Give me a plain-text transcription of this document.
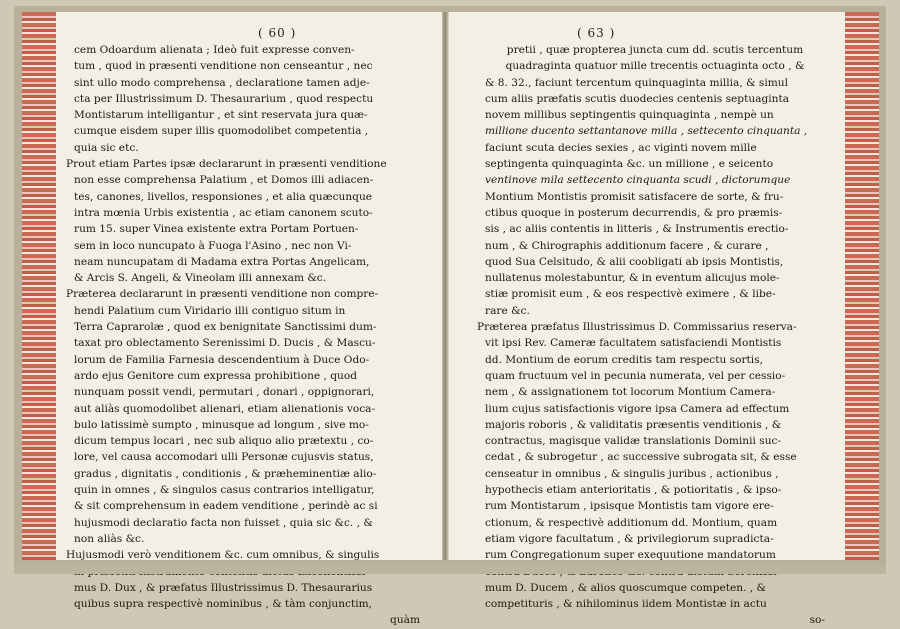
( 60 )
cem Odoardum alienata ; Ideò fuit expresse conven-
tum , quod in præsenti venditione non censeantur , nec
sint ullo modo comprehensa , declaratione tamen adje-
cta per Illustrissimum D. Thesaurarium , quod respectu
Montistarum intelligantur , et sint reservata jura quæ-
cumque eisdem super illis quomodolibet competentia ,
quia sic etc.
Prout etiam Partes ipsæ declararunt in præsenti venditione
non esse comprehensa Palatium , et Domos illi adiacen-
tes, canones, livellos, responsiones , et alia quæcunque
intra mœnia Urbis existentia , ac etiam canonem scuto-
rum 15. super Vinea existente extra Portam Portuen-
sem in loco nuncupato à Fuoga l'Asino , nec non Vi-
neam nuncupatam di Madama extra Portas Angelicam,
& Arcis S. Angeli, & Vineolam illi annexam &c.
Præterea declararunt in præsenti venditione non compre-
hendi Palatium cum Viridario illi contiguo situm in
Terra Caprarolæ , quod ex benignitate Sanctissimi dum-
taxat pro oblectamento Serenissimi D. Ducis , & Mascu-
lorum de Familia Farnesia descendentium à Duce Odo-
ardo ejus Genitore cum expressa prohibitione , quod
nunquam possit vendi, permutari , donari , oppignorari,
aut aliàs quomodolibet alienari, etiam alienationis voca-
bulo latissimè sumpto , minusque ad longum , sive mo-
dicum tempus locari , nec sub aliquo alio prætextu , co-
lore, vel causa accomodari ulli Personæ cujusvis status,
gradus , dignitatis , conditionis , & præheminentiæ alio-
quin in omnes , & singulos casus contrarios intelligatur,
& sit comprehensum in eadem venditione , perindè ac si
hujusmodi declaratio facta non fuisset , quia sic &c. , &
non aliàs &c.
Hujusmodi verò venditionem &c. cum omnibus, & singulis
mus D. Dux , & præfatus Illustrissimus D. Thesaurarius
quibus supra respectivè nominibus , & tàm conjunctim,
quàm
( 63 )
pretii , quæ propterea juncta cum dd. scutis tercentum
quadraginta quatuor mille trecentis octuaginta octo , &
& 8. 32., faciunt tercentum quinquaginta millia, & simul
cum aliis præfatis scutis duodecies centenis septuaginta
novem millibus septingentis quinquaginta , nempè un
millione ducento settantanove milla , settecento cinquanta ,
faciunt scuta decies sexies , ac viginti novem mille
septingenta quinquaginta &c. un millione , e seicento
ventinove mila settecento cinquanta scudi , dictorumque
Montium Montistis promisit satisfacere de sorte, & fru-
ctibus quoque in posterum decurrendis, & pro præmis-
sis , ac aliis contentis in litteris , & Instrumentis erectio-
num , & Chirographis additionum facere , & curare ,
quod Sua Celsitudo, & alii coobligati ab ipsis Montistis,
nullatenus molestabuntur, & in eventum alicujus mole-
stiæ promisit eum , & eos respectivè eximere , & libe-
rare &c.
Præterea præfatus Illustrissimus D. Commissarius reserva-
vit ipsi Rev. Cameræ facultatem satisfaciendi Montistis
dd. Montium de eorum creditis tam respectu sortis,
quam fructuum vel in pecunia numerata, vel per cessio-
nem , & assignationem tot locorum Montium Camera-
lium cujus satisfactionis vigore ipsa Camera ad effectum
majoris roboris , & validitatis præsentis venditionis , &
contractus, magisque validæ translationis Dominii suc-
cedat , & subrogetur , ac successive subrogata sit, & esse
censeatur in omnibus , & singulis juribus , actionibus ,
hypothecis etiam anterioritatis , & potioritatis , & ipso-
rum Montistarum , ipsisque Montistis tam vigore ere-
ctionum, & respectivè additionum dd. Montium, quam
etiam vigore facultatum , & privilegiorum supradicta-
rum Congregationum super exequutione mandatorum
mum D. Ducem , & alios quoscumque competen. , &
competituris , & nihilominus iidem Montistæ in actu
so-
